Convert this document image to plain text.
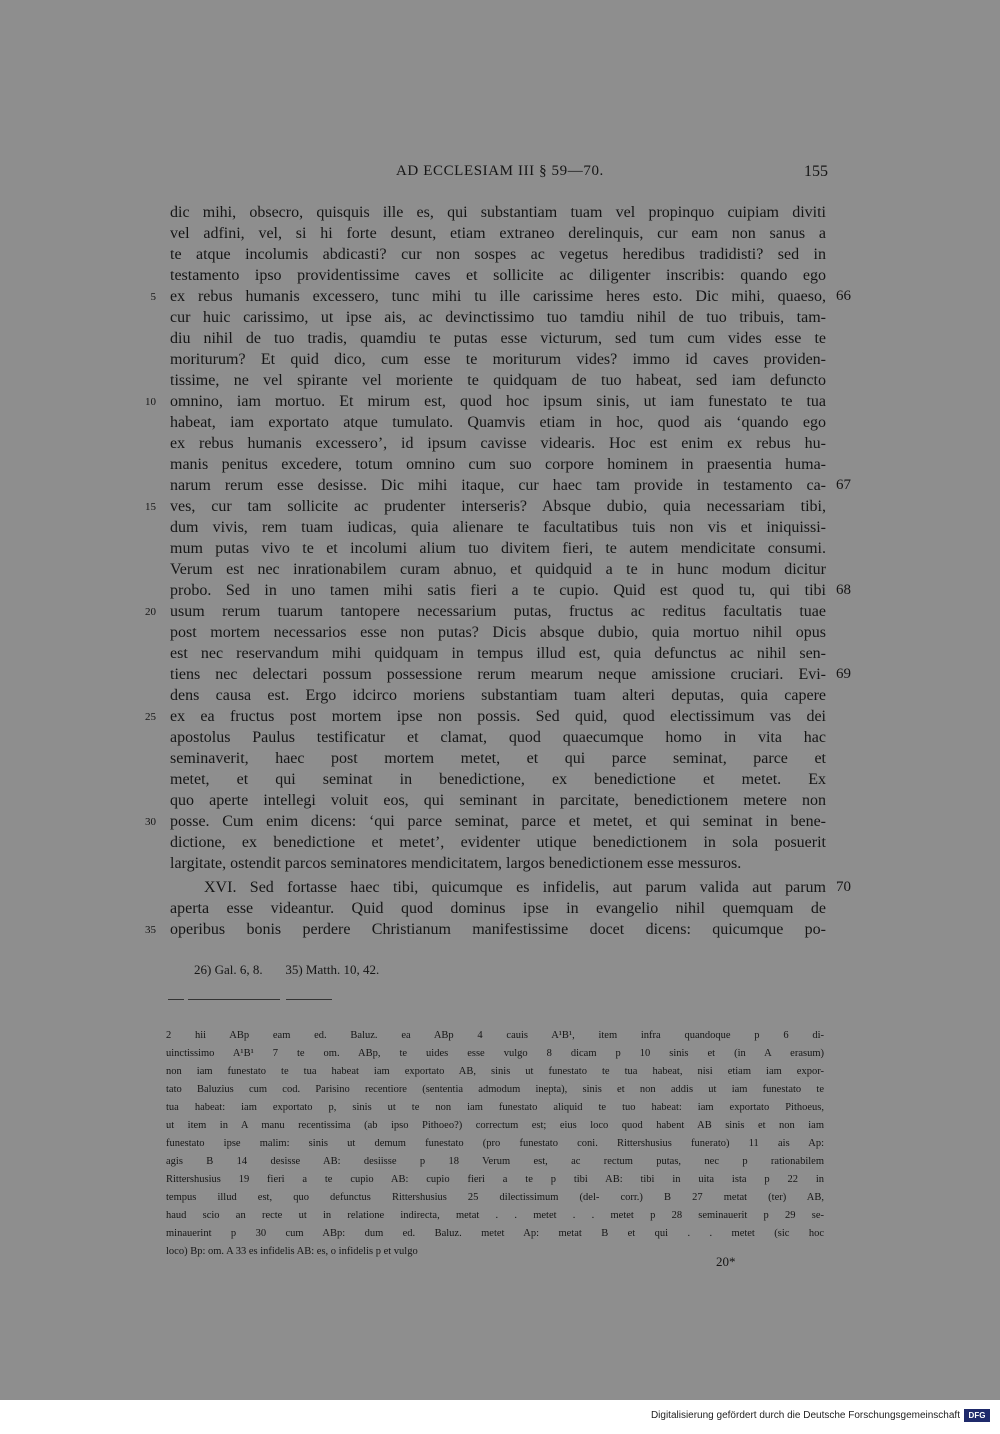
AD ECCLESIAM III § 59—70.	155
dic mihi, obsecro, quisquis ille es, qui substantiam tuam vel propinquo cuipiam diviti
vel adfini, vel, si hi forte desunt, etiam extraneo derelinquis, cur eam non sanus a
te atque incolumis abdicasti? cur non sospes ac vegetus heredibus tradidisti? sed in
testamento ipso providentissime caves et sollicite ac diligenter inscribis: quando ego
ex rebus humanis excessero, tunc mihi tu ille carissime heres esto. Dic mihi, quaeso,
cur huic carissimo, ut ipse ais, ac devinctissimo tuo tamdiu nihil de tuo tribuis, tam-
diu nihil de tuo tradis, quamdiu te putas esse victurum, sed tum cum vides esse te
moriturum? Et quid dico, cum esse te moriturum vides? immo id caves providen-
tissime, ne vel spirante vel moriente te quidquam de tuo habeat, sed iam defuncto
omnino, iam mortuo. Et mirum est, quod hoc ipsum sinis, ut iam funestato te tua
habeat, iam exportato atque tumulato. Quamvis etiam in hoc, quod ais ‘quando ego
ex rebus humanis excessero’, id ipsum cavisse videaris. Hoc est enim ex rebus hu-
manis penitus excedere, totum omnino cum suo corpore hominem in praesentia huma-
narum rerum esse desisse. Dic mihi itaque, cur haec tam provide in testamento ca-
ves, cur tam sollicite ac prudenter interseris? Absque dubio, quia necessariam tibi,
dum vivis, rem tuam iudicas, quia alienare te facultatibus tuis non vis et iniquissi-
mum putas vivo te et incolumi alium tuo divitem fieri, te autem mendicitate consumi.
Verum est nec inrationabilem curam abnuo, et quidquid a te in hunc modum dicitur
probo. Sed in uno tamen mihi satis fieri a te cupio. Quid est quod tu, qui tibi
usum rerum tuarum tantopere necessarium putas, fructus ac reditus facultatis tuae
post mortem necessarios esse non putas? Dicis absque dubio, quia mortuo nihil opus
est nec reservandum mihi quidquam in tempus illud est, quia defunctus ac nihil sen-
tiens nec delectari possum possessione rerum mearum neque amissione cruciari. Evi-
dens causa est. Ergo idcirco moriens substantiam tuam alteri deputas, quia capere
ex ea fructus post mortem ipse non possis. Sed quid, quod electissimum vas dei
apostolus Paulus testificatur et clamat, quod quaecumque homo in vita hac
seminaverit, haec post mortem metet, et qui parce seminat, parce et
metet, et qui seminat in benedictione, ex benedictione et metet. Ex
quo aperte intellegi voluit eos, qui seminant in parcitate, benedictionem metere non
posse. Cum enim dicens: ‘qui parce seminat, parce et metet, et qui seminat in bene-
dictione, ex benedictione et metet’, evidenter utique benedictionem in sola posuerit
largitate, ostendit parcos seminatores mendicitatem, largos benedictionem esse messuros.
XVI. Sed fortasse haec tibi, quicumque es infidelis, aut parum valida aut parum
aperta esse videantur. Quid quod dominus ipse in evangelio nihil quemquam de
operibus bonis perdere Christianum manifestissime docet dicens: quicumque po-
5
10
15
20
25
30
35
66
67
68
69
70
26) Gal. 6, 8.       35) Matth. 10, 42.
2 hii ABp eam ed. Baluz. ea ABp 4 cauis A¹B¹, item infra quandoque p 6 di-
uinctissimo A¹B¹ 7 te om. ABp, te uides esse vulgo 8 dicam p 10 sinis et (in A erasum)
non iam funestato te tua habeat iam exportato AB, sinis ut funestato te tua habeat, nisi etiam iam expor-
tato Baluzius cum cod. Parisino recentiore (sententia admodum inepta), sinis et non addis ut iam funestato te
tua habeat: iam exportato p, sinis ut te non iam funestato aliquid te tuo habeat: iam exportato Pithoeus,
ut item in A manu recentissima (ab ipso Pithoeo?) correctum est; eius loco quod habent AB sinis et non iam
funestato ipse malim: sinis ut demum funestato (pro funestato coni. Rittershusius funerato) 11 ais Ap:
agis B 14 desisse AB: desiisse p 18 Verum est, ac rectum putas, nec p rationabilem
Rittershusius 19 fieri a te cupio AB: cupio fieri a te p tibi AB: tibi in uita ista p 22 in
tempus illud est, quo defunctus Rittershusius 25 dilectissimum (del- corr.) B 27 metat (ter) AB,
haud scio an recte ut in relatione indirecta, metat . . metet . . metet p 28 seminauerit p 29 se-
minauerint p 30 cum ABp: dum ed. Baluz. metet Ap: metat B et qui . . metet (sic hoc
loco) Bp: om. A 33 es infidelis AB: es, o infidelis p et vulgo
20*
Digitalisierung gefördert durch die Deutsche Forschungsgemeinschaft	DFG
